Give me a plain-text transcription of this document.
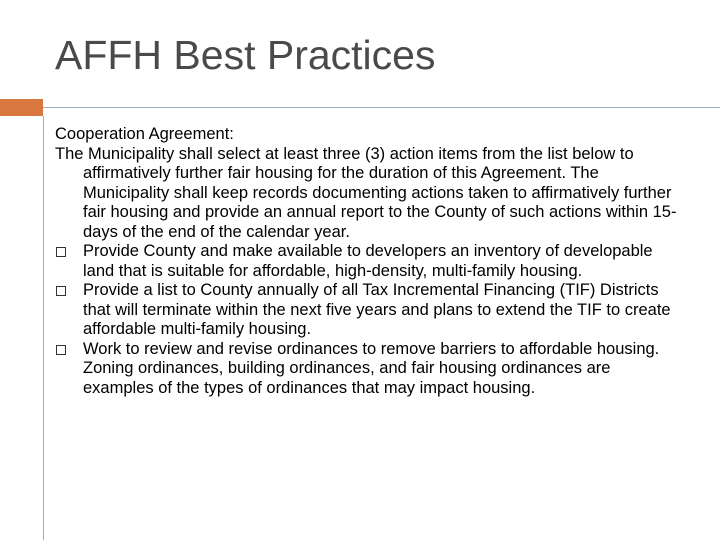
AFFH Best Practices

Cooperation Agreement:

The Municipality shall select at least three (3) action items from the list below to affirmatively further fair housing for the duration of this Agreement. The Municipality shall keep records documenting actions taken to affirmatively further fair housing and provide an annual report to the County of such actions within 15-days of the end of the calendar year.

Provide County and make available to developers an inventory of developable land that is suitable for affordable, high-density, multi-family housing.
Provide a list to County annually of all Tax Incremental Financing (TIF) Districts that will terminate within the next five years and plans to extend the TIF to create affordable multi-family housing.
Work to review and revise ordinances to remove barriers to affordable housing. Zoning ordinances, building ordinances, and fair housing ordinances are examples of the types of ordinances that may impact housing.
